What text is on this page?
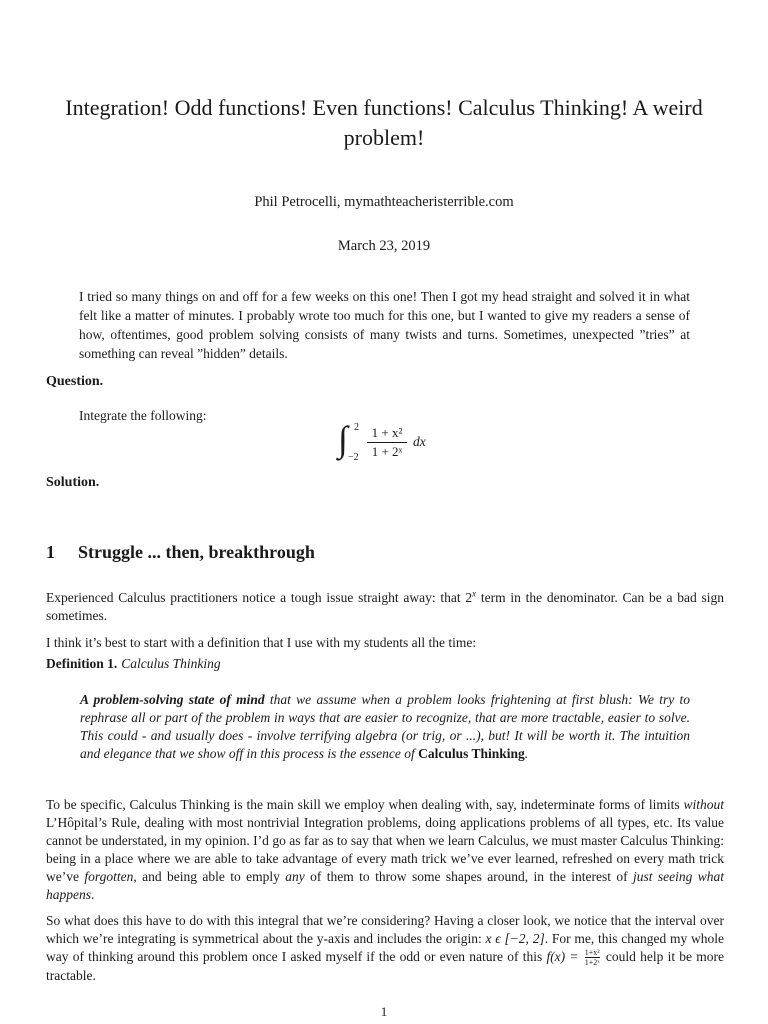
Integration! Odd functions! Even functions! Calculus Thinking! A weird problem!
Phil Petrocelli, mymathteacheristerrible.com
March 23, 2019
I tried so many things on and off for a few weeks on this one! Then I got my head straight and solved it in what felt like a matter of minutes. I probably wrote too much for this one, but I wanted to give my readers a sense of how, oftentimes, good problem solving consists of many twists and turns. Sometimes, unexpected ”tries” at something can reveal ”hidden” details.
Question.
Integrate the following:
∫ 2
$-2 \frac{\text{1 + x²}}{\text{1 + 2ˣ}}$ dx
Solution.
1 Struggle ... then, breakthrough
Experienced Calculus practitioners notice a tough issue straight away: that 2$^x$ term in the denominator. Can be a bad sign sometimes.
I think it’s best to start with a definition that I use with my students all the time:
Definition 1. Calculus Thinking
A problem-solving state of mind that we assume when a problem looks frightening at first blush: We try to rephrase all or part of the problem in ways that are easier to recognize, that are more tractable, easier to solve. This could - and usually does - involve terrifying algebra (or trig, or ...), but! It will be worth it. The intuition and elegance that we show off in this process is the essence of Calculus Thinking.
To be specific, Calculus Thinking is the main skill we employ when dealing with, say, indeterminate forms of limits without L’Hôpital’s Rule, dealing with most nontrivial Integration problems, doing applications problems of all types, etc. Its value cannot be understated, in my opinion. I’d go as far as to say that when we learn Calculus, we must master Calculus Thinking: being in a place where we are able to take advantage of every math trick we’ve ever learned, refreshed on every math trick we’ve forgotten, and being able to emply any of them to throw some shapes around, in the interest of just seeing what happens.
So what does this have to do with this integral that we’re considering? Having a closer look, we notice that the interval over which we’re integrating is symmetrical about the y-axis and includes the origin: x ϵ [−2, 2]. For me, this changed my whole way of thinking around this problem once I asked myself if the odd or even nature of this $f(x) = \frac{\text{1+x²}}{\text{1+2ˣ}}$ could help it be more tractable.
1
